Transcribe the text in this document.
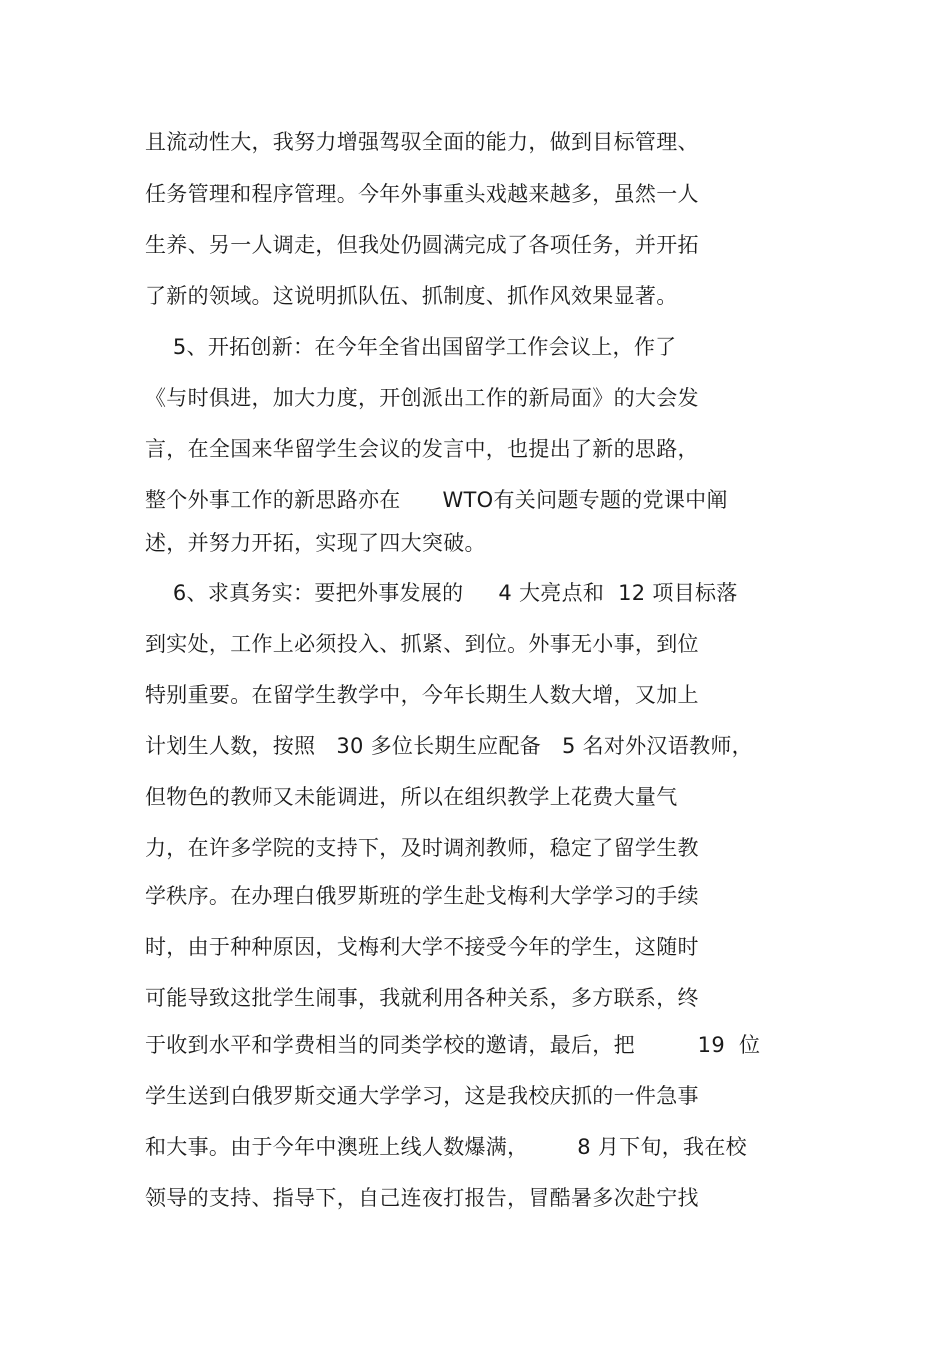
且流动性大，我努力增强驾驭全面的能力，做到目标管理、
任务管理和程序管理。今年外事重头戏越来越多，虽然一人
生养、另一人调走，但我处仍圆满完成了各项任务，并开拓
了新的领域。这说明抓队伍、抓制度、抓作风效果显著。
5、开拓创新：在今年全省出国留学工作会议上，作了
《与时俱进，加大力度，开创派出工作的新局面》的大会发
言，在全国来华留学生会议的发言中，也提出了新的思路，
整个外事工作的新思路亦在      WTO有关问题专题的党课中阐
述，并努力开拓，实现了四大突破。
6、求真务实：要把外事发展的     4 大亮点和  12 项目标落
到实处，工作上必须投入、抓紧、到位。外事无小事，到位
特别重要。在留学生教学中，今年长期生人数大增，又加上
计划生人数，按照   30 多位长期生应配备   5 名对外汉语教师，
但物色的教师又未能调进，所以在组织教学上花费大量气
力，在许多学院的支持下，及时调剂教师，稳定了留学生教
学秩序。在办理白俄罗斯班的学生赴戈梅利大学学习的手续
时，由于种种原因，戈梅利大学不接受今年的学生，这随时
可能导致这批学生闹事，我就利用各种关系，多方联系，终
于收到水平和学费相当的同类学校的邀请，最后，把         19  位
学生送到白俄罗斯交通大学学习，这是我校庆抓的一件急事
和大事。由于今年中澳班上线人数爆满，       8 月下旬，我在校
领导的支持、指导下，自己连夜打报告，冒酷暑多次赴宁找
